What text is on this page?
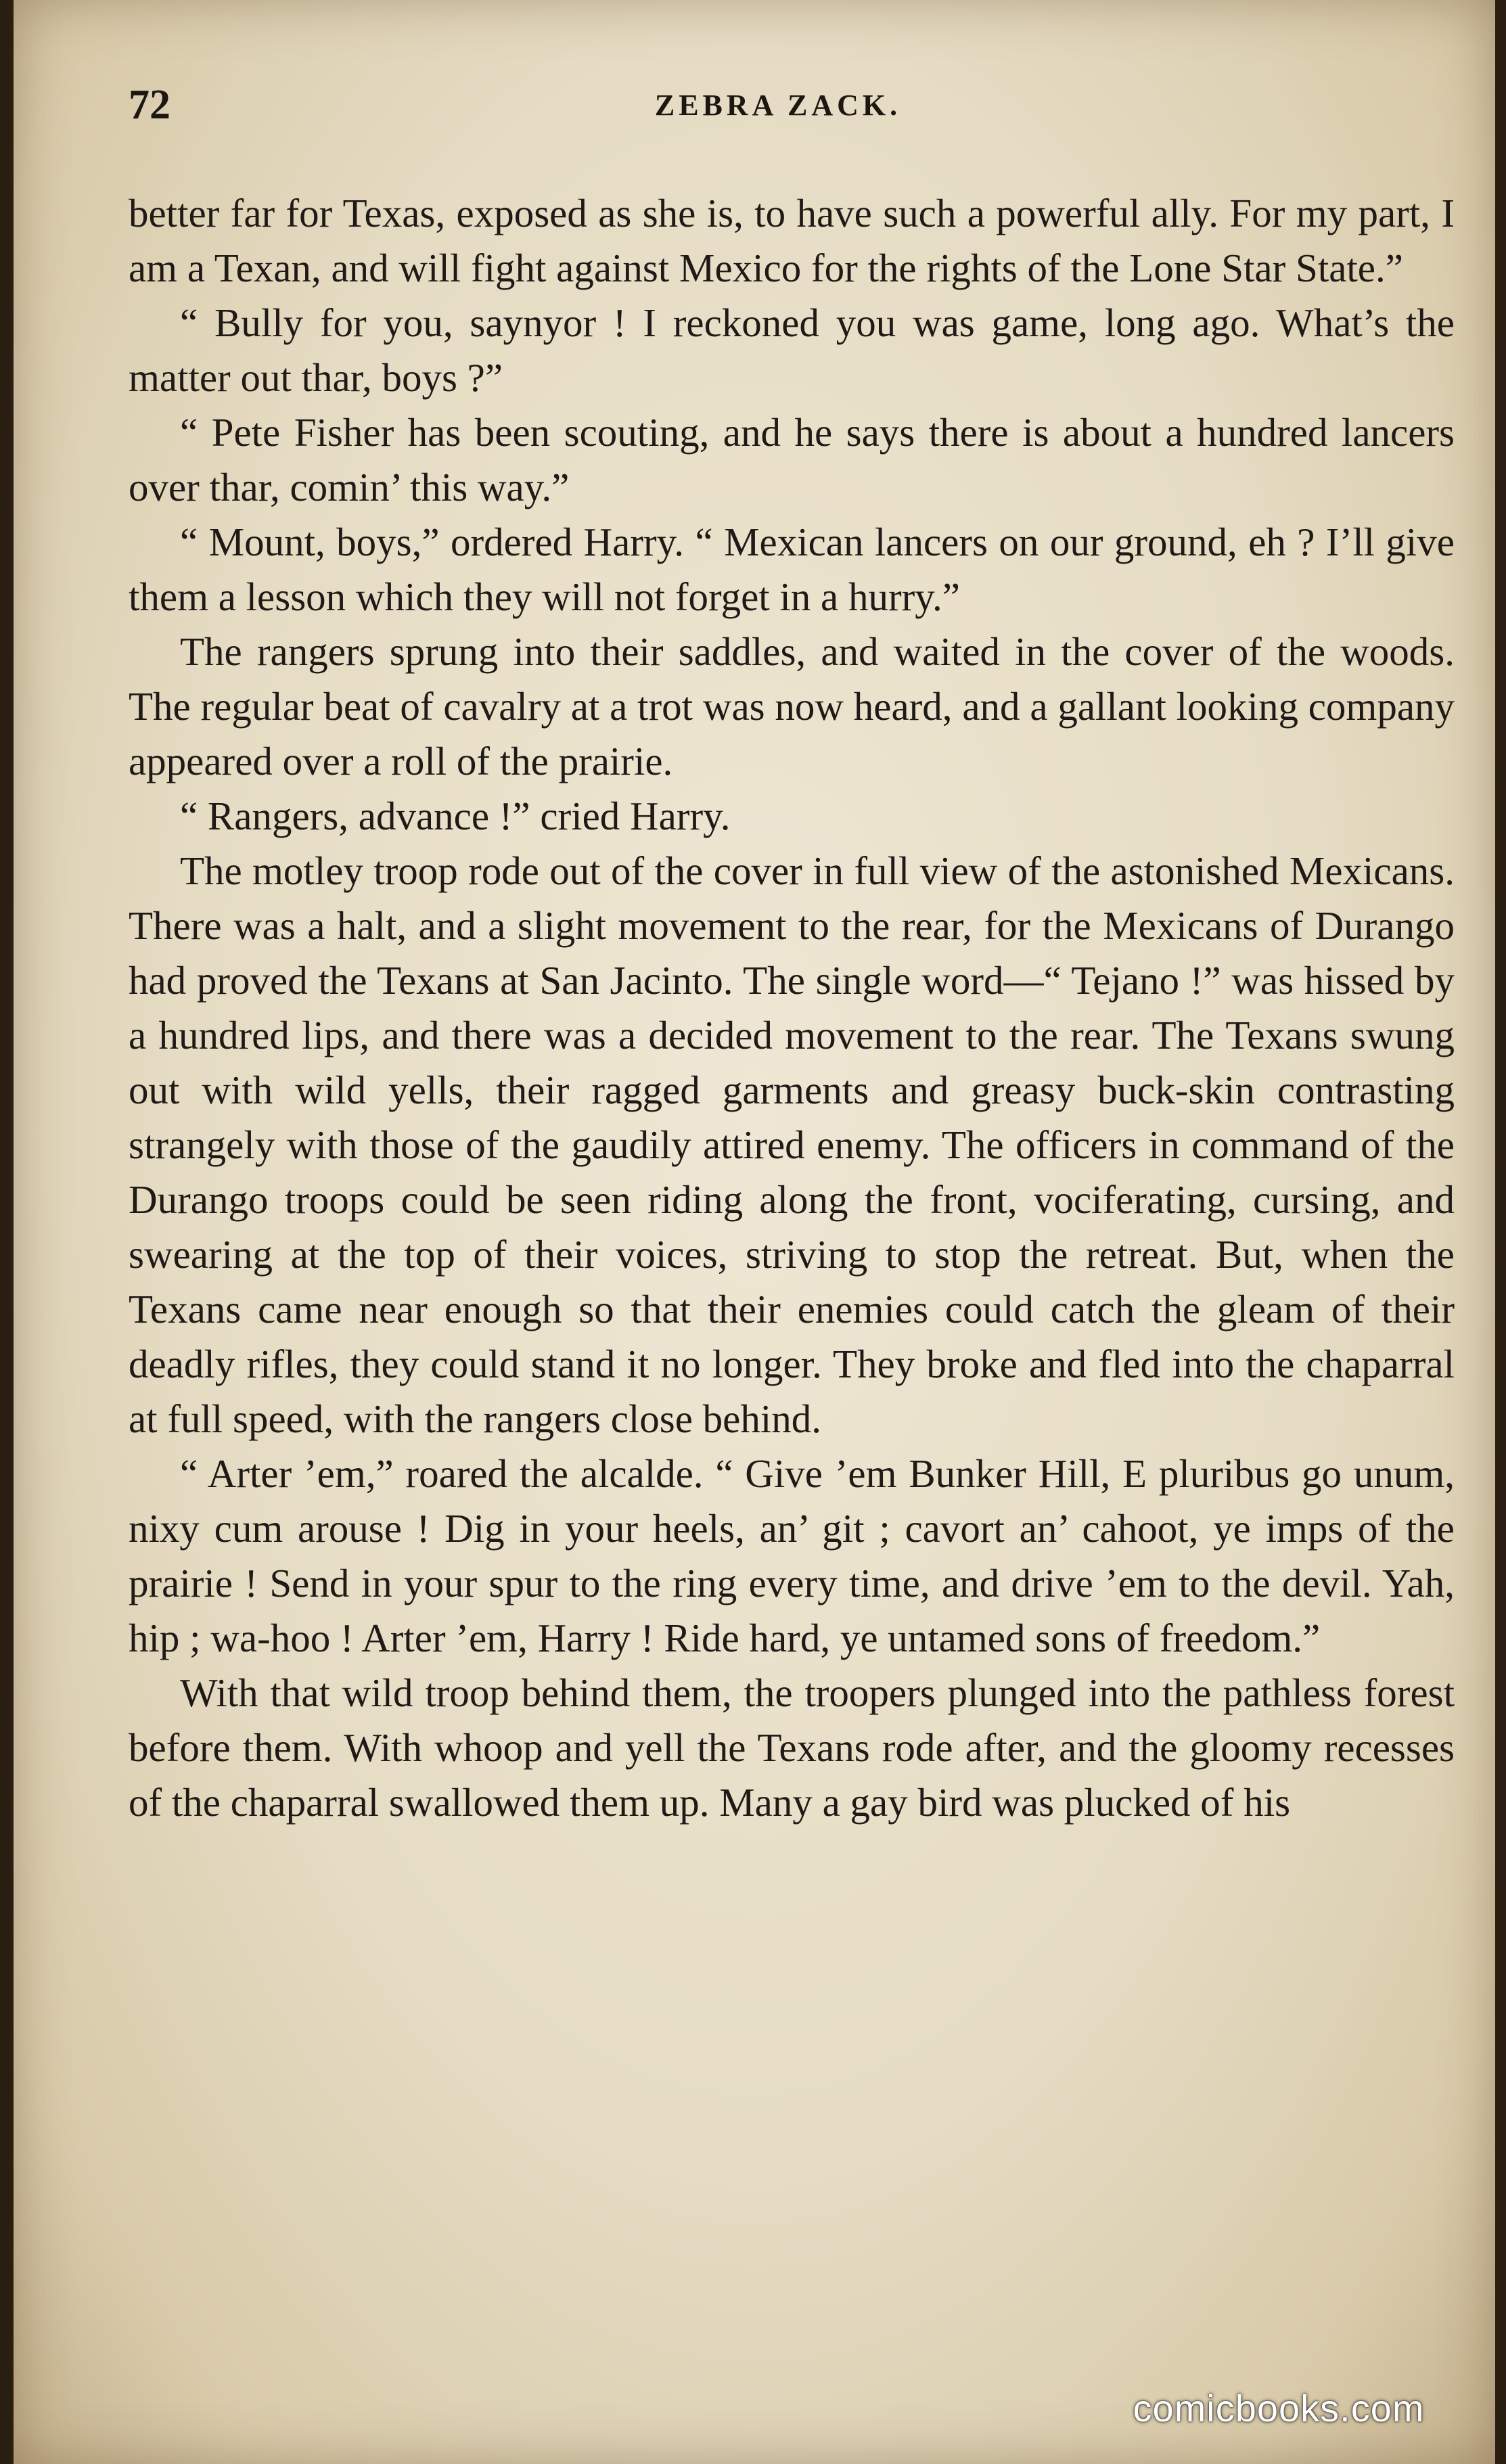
72	ZEBRA ZACK.

better far for Texas, exposed as she is, to have such a powerful ally. For my part, I am a Texan, and will fight against Mexico for the rights of the Lone Star State.”

“ Bully for you, saynyor ! I reckoned you was game, long ago. What’s the matter out thar, boys ?”

“ Pete Fisher has been scouting, and he says there is about a hundred lancers over thar, comin’ this way.”

“ Mount, boys,” ordered Harry. “ Mexican lancers on our ground, eh ? I’ll give them a lesson which they will not forget in a hurry.”

The rangers sprung into their saddles, and waited in the cover of the woods. The regular beat of cavalry at a trot was now heard, and a gallant looking company appeared over a roll of the prairie.

“ Rangers, advance !” cried Harry.

The motley troop rode out of the cover in full view of the astonished Mexicans. There was a halt, and a slight movement to the rear, for the Mexicans of Durango had proved the Texans at San Jacinto. The single word—“ Tejano !” was hissed by a hundred lips, and there was a decided movement to the rear. The Texans swung out with wild yells, their ragged garments and greasy buck-skin contrasting strangely with those of the gaudily attired enemy. The officers in command of the Durango troops could be seen riding along the front, vociferating, cursing, and swearing at the top of their voices, striving to stop the retreat. But, when the Texans came near enough so that their enemies could catch the gleam of their deadly rifles, they could stand it no longer. They broke and fled into the chaparral at full speed, with the rangers close behind.

“ Arter ’em,” roared the alcalde. “ Give ’em Bunker Hill, E pluribus go unum, nixy cum arouse ! Dig in your heels, an’ git ; cavort an’ cahoot, ye imps of the prairie ! Send in your spur to the ring every time, and drive ’em to the devil. Yah, hip ; wa-hoo ! Arter ’em, Harry ! Ride hard, ye untamed sons of freedom.”

With that wild troop behind them, the troopers plunged into the pathless forest before them. With whoop and yell the Texans rode after, and the gloomy recesses of the chaparral swallowed them up. Many a gay bird was plucked of his

comicbooks.com
